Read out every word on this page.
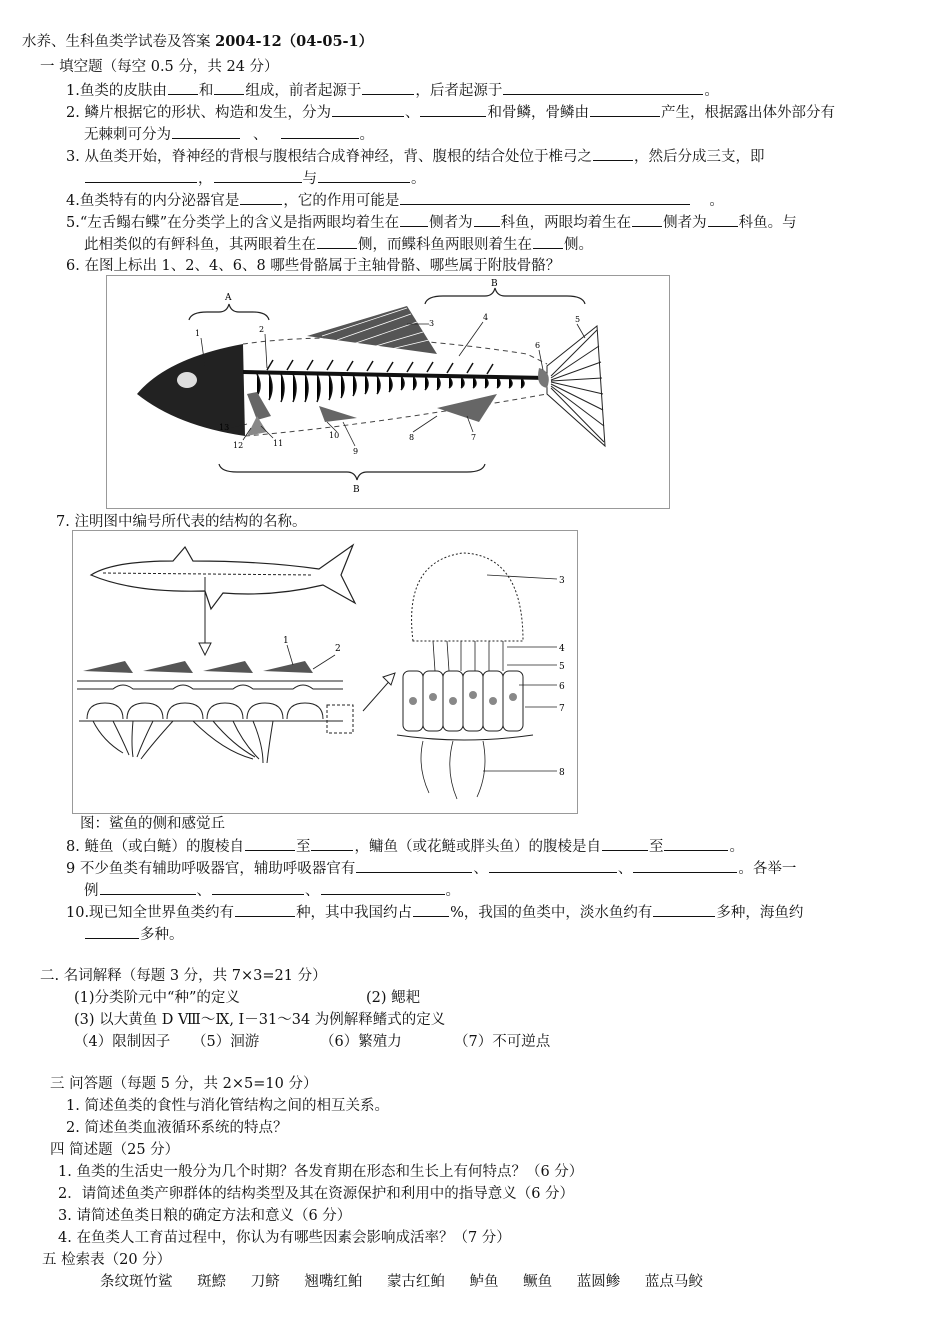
水养、生科鱼类学试卷及答案 2004-12（04-05-1）
一 填空题（每空 0.5 分，共 24 分）
1.鱼类的皮肤由 和 组成，前者起源于	，后者起源于	。
2. 鳞片根据它的形状、构造和发生，分为	、	和骨鳞，骨鳞由	产生，根据露出体外部分有
无棘刺可分为	、	。
3. 从鱼类开始，脊神经的背根与腹根结合成脊神经，背、腹根的结合处位于椎弓之	，然后分成三支，即
，	与	。
4.鱼类特有的内分泌器官是	，它的作用可能是	。
5.“左舌鳎右鲽”在分类学上的含义是指两眼均着生在 侧者为 科鱼，两眼均着生在 侧者为 科鱼。与
此相类似的有鲆科鱼，其两眼着生在	侧，而鲽科鱼两眼则着生在 侧。
6. 在图上标出 1、2、4、6、8 哪些骨骼属于主轴骨骼、哪些属于附肢骨骼？
A
B
1	2
3
4	5
6
7
8
9
10
11
12
13
B
7. 注明图中编号所代表的结构的名称。
1
2
3
4
5
6
7
8
图：鲨鱼的侧和感觉丘
8. 鲢鱼（或白鲢）的腹棱自	至	，鳙鱼（或花鲢或胖头鱼）的腹棱是自	至	。
9 不少鱼类有辅助呼吸器官，辅助呼吸器官有	、	、	。各举一
例	、	、	。
10.现已知全世界鱼类约有	种，其中我国约占	%，我国的鱼类中，淡水鱼约有	多种，海鱼约
多种。
二. 名词解释（每题 3 分，共 7×3=21 分）
(1)分类阶元中“种”的定义	(2) 鳃耙
(3) 以大黄鱼 D Ⅷ～Ⅸ, Ⅰ－31～34 为例解释鳍式的定义
（4）限制因子 （5）洄游	（6）繁殖力	（7）不可逆点
三 问答题（每题 5 分，共 2×5=10 分）
1. 简述鱼类的食性与消化管结构之间的相互关系。
2. 简述鱼类血液循环系统的特点？
四 简述题（25 分）
1. 鱼类的生活史一般分为几个时期？各发育期在形态和生长上有何特点？（6 分）
2．请简述鱼类产卵群体的结构类型及其在资源保护和利用中的指导意义（6 分）
3. 请简述鱼类日粮的确定方法和意义（6 分）
4. 在鱼类人工育苗过程中，你认为有哪些因素会影响成活率？（7 分）
五 检索表（20 分）
条纹斑竹鲨 斑鰶 刀鲚 翘嘴红鲌 蒙古红鲌 鲈鱼 鳜鱼 蓝圆鲹 蓝点马鲛
